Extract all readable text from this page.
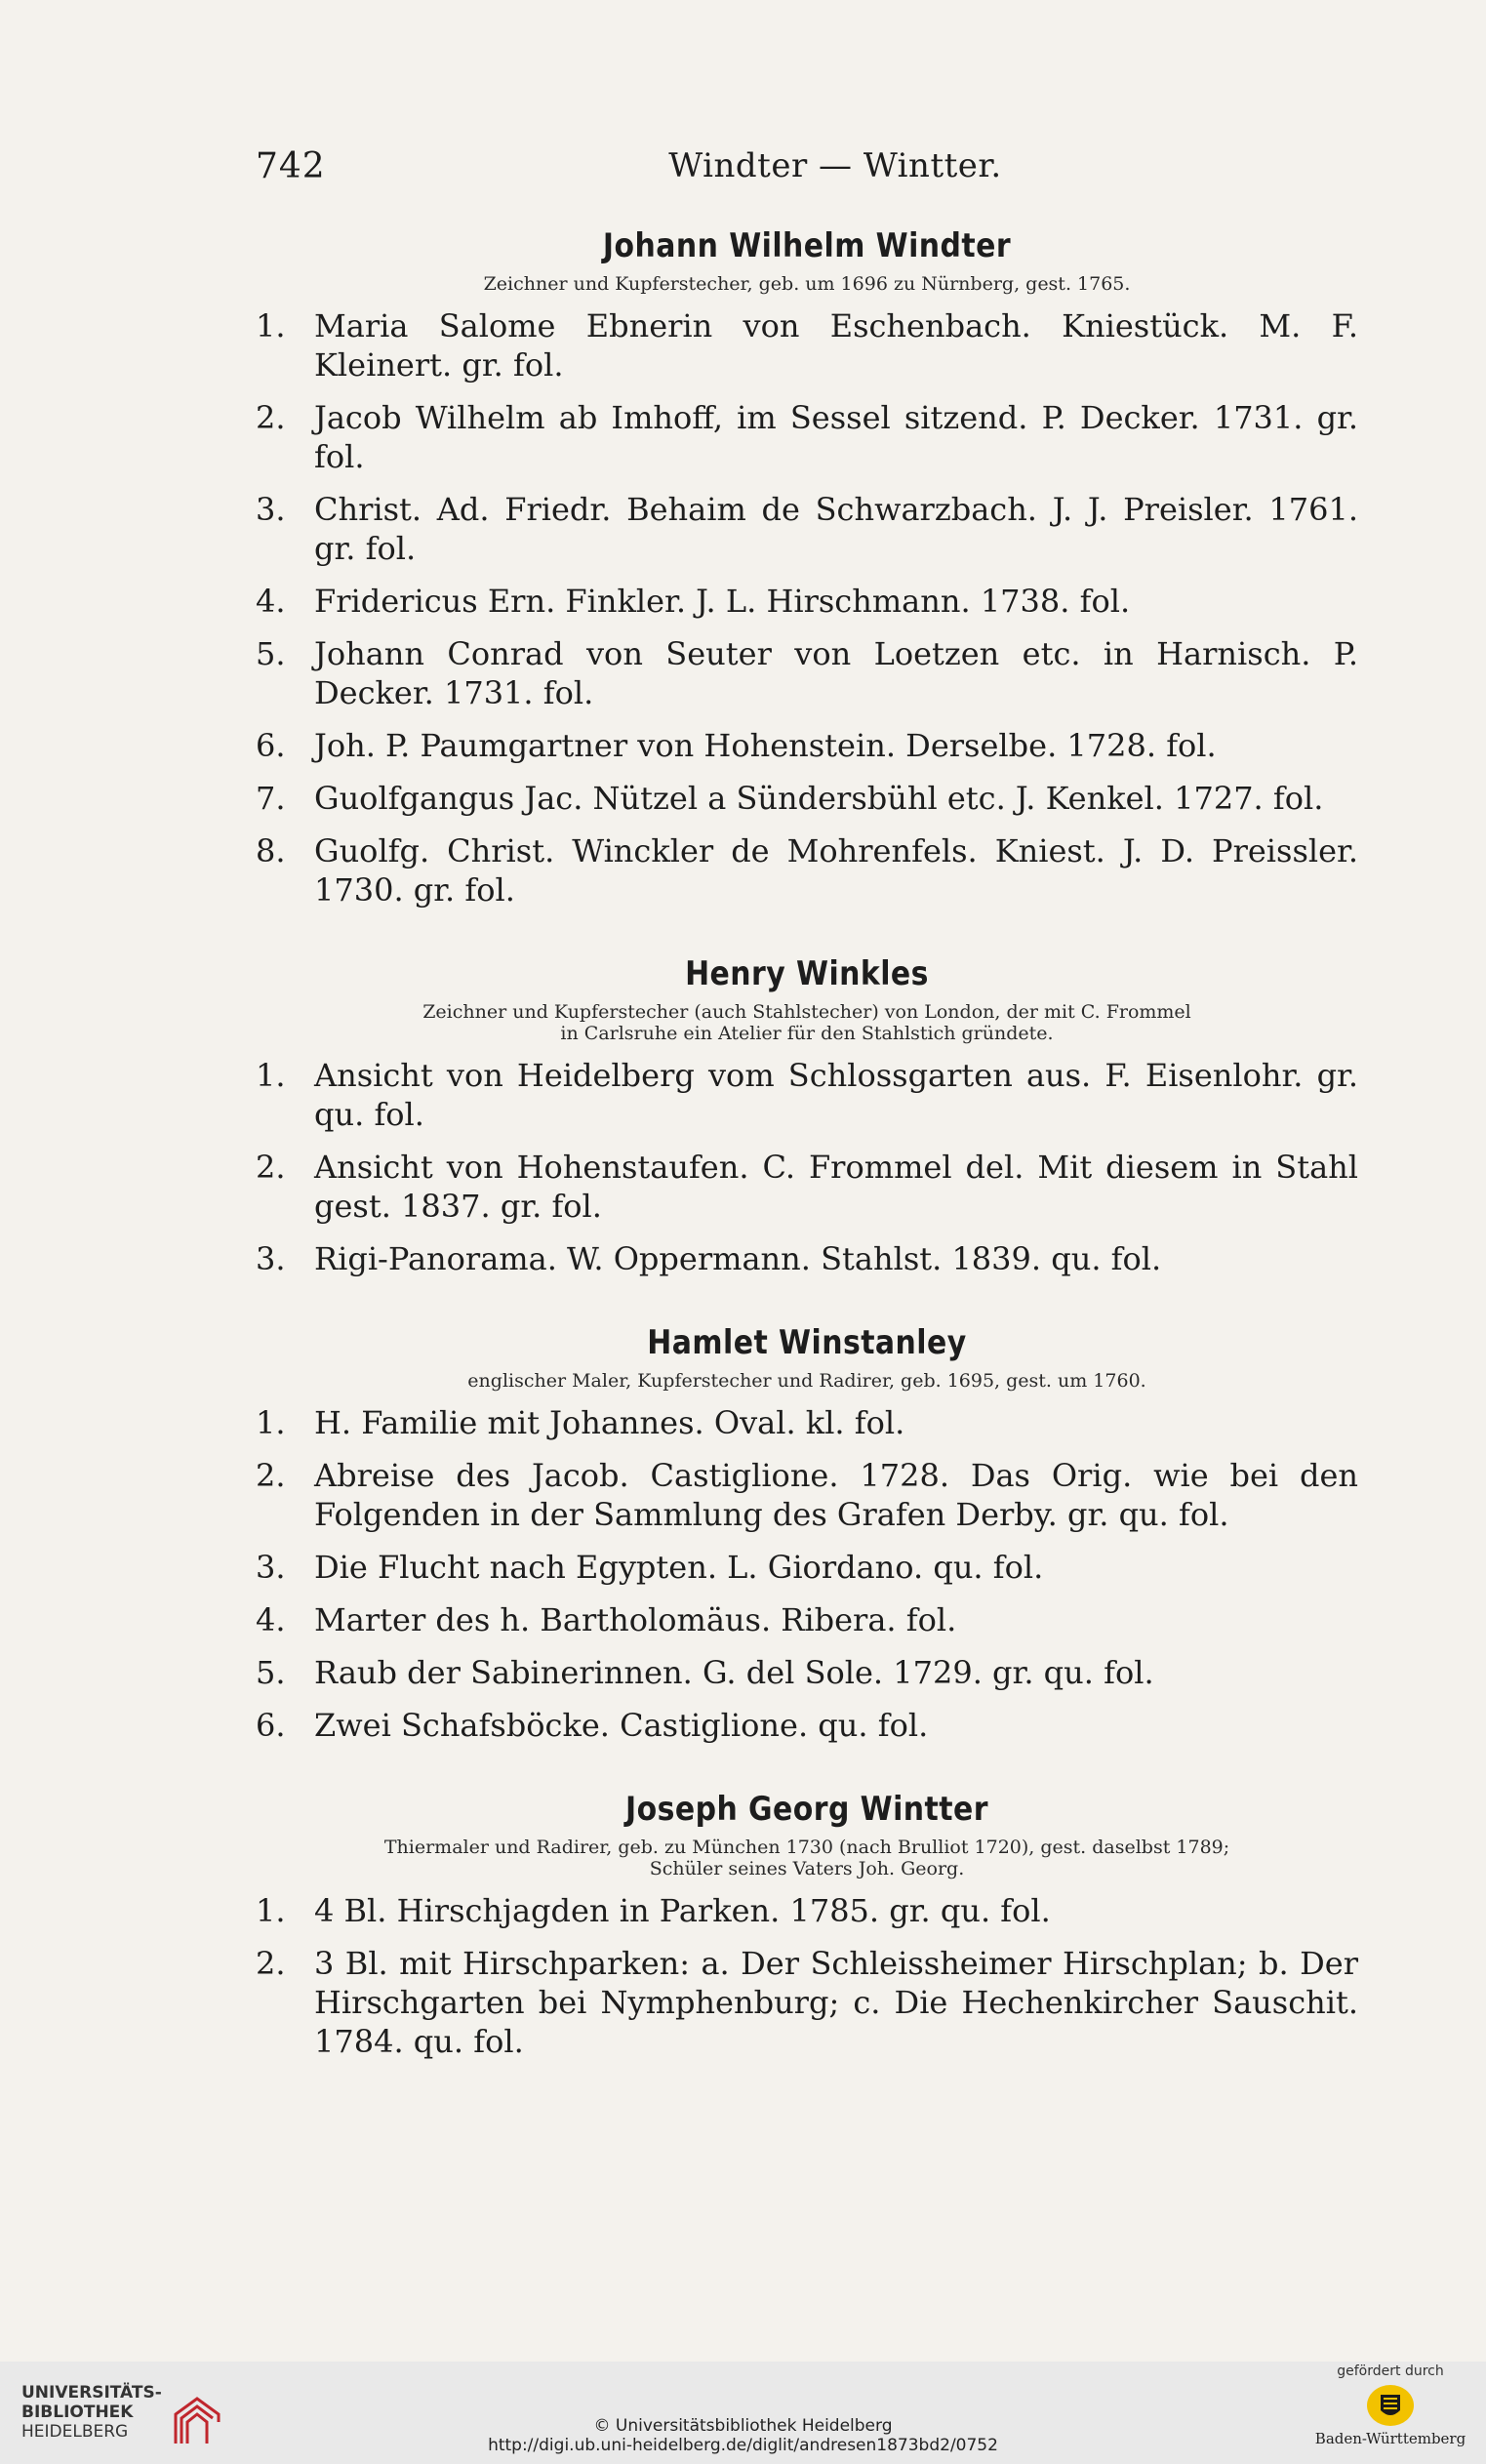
742	Windter — Wintter.
Johann Wilhelm Windter

Zeichner und Kupferstecher, geb. um 1696 zu Nürnberg, gest. 1765.

1. Maria Salome Ebnerin von Eschenbach. Kniestück. M. F. Kleinert. gr. fol.
2. Jacob Wilhelm ab Imhoff, im Sessel sitzend. P. Decker. 1731. gr. fol.
3. Christ. Ad. Friedr. Behaim de Schwarzbach. J. J. Preisler. 1761. gr. fol.
4. Fridericus Ern. Finkler. J. L. Hirschmann. 1738. fol.
5. Johann Conrad von Seuter von Loetzen etc. in Harnisch. P. Decker. 1731. fol.
6. Joh. P. Paumgartner von Hohenstein. Derselbe. 1728. fol.
7. Guolfgangus Jac. Nützel a Sündersbühl etc. J. Kenkel. 1727. fol.
8. Guolfg. Christ. Winckler de Mohrenfels. Kniest. J. D. Preissler. 1730. gr. fol.
Henry Winkles

Zeichner und Kupferstecher (auch Stahlstecher) von London, der mit C. Frommel
in Carlsruhe ein Atelier für den Stahlstich gründete.

1. Ansicht von Heidelberg vom Schlossgarten aus. F. Eisenlohr. gr. qu. fol.
2. Ansicht von Hohenstaufen. C. Frommel del. Mit diesem in Stahl gest. 1837. gr. fol.
3. Rigi-Panorama. W. Oppermann. Stahlst. 1839. qu. fol.
Hamlet Winstanley

englischer Maler, Kupferstecher und Radirer, geb. 1695, gest. um 1760.

1. H. Familie mit Johannes. Oval. kl. fol.
2. Abreise des Jacob. Castiglione. 1728. Das Orig. wie bei den Folgenden in der Sammlung des Grafen Derby. gr. qu. fol.
3. Die Flucht nach Egypten. L. Giordano. qu. fol.
4. Marter des h. Bartholomäus. Ribera. fol.
5. Raub der Sabinerinnen. G. del Sole. 1729. gr. qu. fol.
6. Zwei Schafsböcke. Castiglione. qu. fol.
Joseph Georg Wintter

Thiermaler und Radirer, geb. zu München 1730 (nach Brulliot 1720), gest. daselbst 1789;
Schüler seines Vaters Joh. Georg.

1. 4 Bl. Hirschjagden in Parken. 1785. gr. qu. fol.
2. 3 Bl. mit Hirschparken: a. Der Schleissheimer Hirschplan; b. Der Hirschgarten bei Nymphenburg; c. Die Hechenkircher Sauschit. 1784. qu. fol.
UNIVERSITÄTS-
BIBLIOTHEK
HEIDELBERG	© Universitätsbibliothek Heidelberg
http://digi.ub.uni-heidelberg.de/diglit/andresen1873bd2/0752
gefördert durch
Baden-Württemberg
